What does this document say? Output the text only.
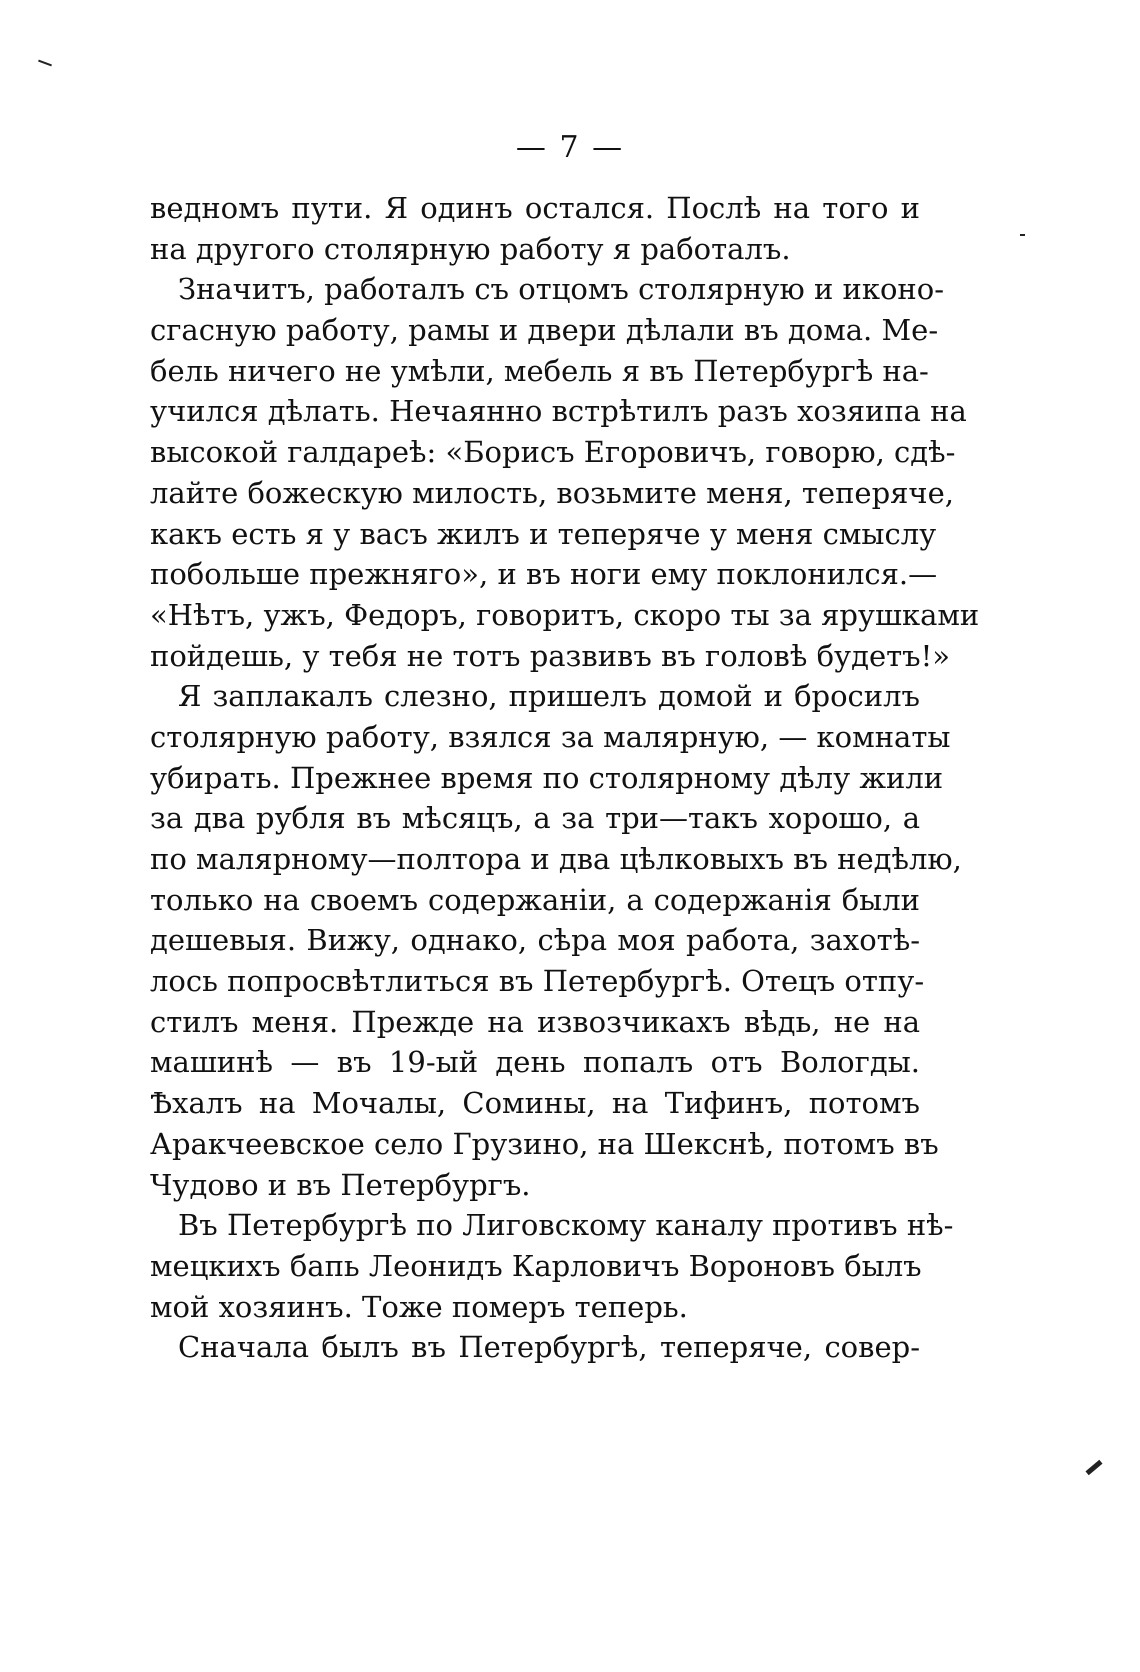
— 7 —
ведномъ пути. Я одинъ остался. Послѣ на того и
на другого столярную работу я работалъ.
Значитъ, работалъ съ отцомъ столярную и иконо-
сгасную работу, рамы и двери дѣлали въ дома. Ме-
бель ничего не умѣли, мебель я въ Петербургѣ на-
учился дѣлать. Нечаянно встрѣтилъ разъ хозяипа на
высокой галдареѣ: «Борисъ Егоровичъ, говорю, сдѣ-
лайте божескую милость, возьмите меня, теперяче,
какъ есть я у васъ жилъ и теперяче у меня смыслу
побольше прежняго», и въ ноги ему поклонился.—
«Нѣтъ, ужъ, Федоръ, говоритъ, скоро ты за ярушками
пойдешь, у тебя не тотъ развивъ въ головѣ будетъ!»
Я заплакалъ слезно, пришелъ домой и бросилъ
столярную работу, взялся за малярную, — комнаты
убирать. Прежнее время по столярному дѣлу жили
за два рубля въ мѣсяцъ, а за три—такъ хорошо, а
по малярному—полтора и два цѣлковыхъ въ недѣлю,
только на своемъ содержанiи, а содержанiя были
дешевыя. Вижу, однако, сѣра моя работа, захотѣ-
лось попросвѣтлиться въ Петербургѣ. Отецъ отпу-
стилъ меня. Прежде на извозчикахъ вѣдь, не на
машинѣ — въ 19-ый день попалъ отъ Вологды.
Ѣхалъ на Мочалы, Сомины, на Тифинъ, потомъ
Аракчеевское село Грузино, на Шекснѣ, потомъ въ
Чудово и въ Петербургъ.
Въ Петербургѣ по Лиговскому каналу противъ нѣ-
мецкихъ бапь Леонидъ Карловичъ Вороновъ былъ
мой хозяинъ. Тоже померъ теперь.
Сначала былъ въ Петербургѣ, теперяче, совер-
